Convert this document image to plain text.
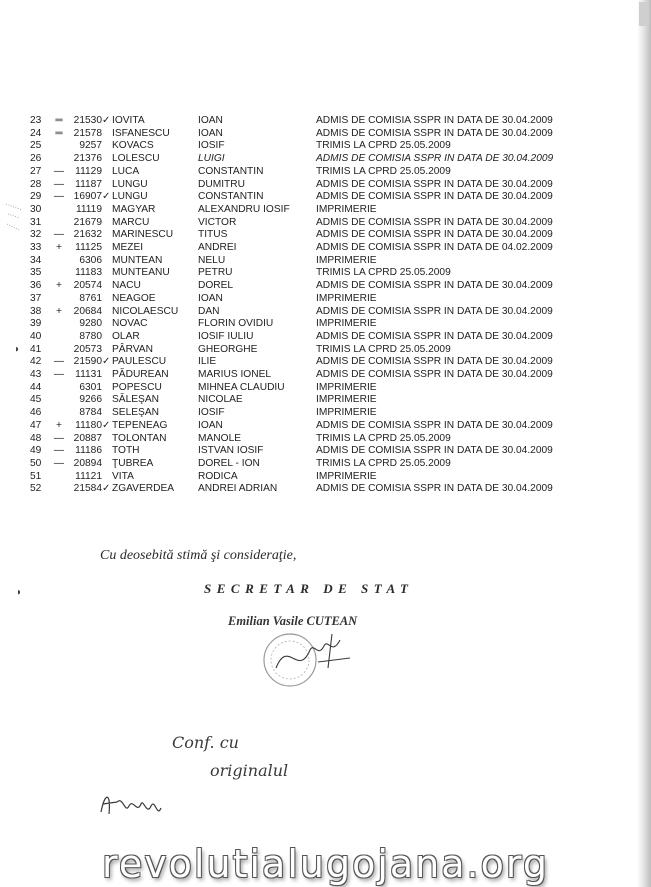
23	═	21530	✓	IOVITA	IOAN	ADMIS DE COMISIA SSPR IN DATA DE 30.04.2009
24	═	21578		ISFANESCU	IOAN	ADMIS DE COMISIA SSPR IN DATA DE 30.04.2009
25		9257		KOVACS	IOSIF	TRIMIS LA CPRD 25.05.2009
26		21376		LOLESCU	LUIGI	ADMIS DE COMISIA SSPR IN DATA DE 30.04.2009
27	—	11129		LUCA	CONSTANTIN	TRIMIS LA CPRD 25.05.2009
28	—	11187		LUNGU	DUMITRU	ADMIS DE COMISIA SSPR IN DATA DE 30.04.2009
29	—	16907	✓	LUNGU	CONSTANTIN	ADMIS DE COMISIA SSPR IN DATA DE 30.04.2009
30		11119		MAGYAR	ALEXANDRU IOSIF	IMPRIMERIE
31		21679		MARCU	VICTOR	ADMIS DE COMISIA SSPR IN DATA DE 30.04.2009
32	—	21632		MARINESCU	TITUS	ADMIS DE COMISIA SSPR IN DATA DE 30.04.2009
33	+	11125		MEZEI	ANDREI	ADMIS DE COMISIA SSPR IN DATA DE 04.02.2009
34		6306		MUNTEAN	NELU	IMPRIMERIE
35		11183		MUNTEANU	PETRU	TRIMIS LA CPRD 25.05.2009
36	+	20574		NACU	DOREL	ADMIS DE COMISIA SSPR IN DATA DE 30.04.2009
37		8761		NEAGOE	IOAN	IMPRIMERIE
38	+	20684		NICOLAESCU	DAN	ADMIS DE COMISIA SSPR IN DATA DE 30.04.2009
39		9280		NOVAC	FLORIN OVIDIU	IMPRIMERIE
40		8780		OLAR	IOSIF IULIU	ADMIS DE COMISIA SSPR IN DATA DE 30.04.2009
41		20573		PÂRVAN	GHEORGHE	TRIMIS LA CPRD 25.05.2009
42	—	21590	✓	PAULESCU	ILIE	ADMIS DE COMISIA SSPR IN DATA DE 30.04.2009
43	—	11131		PĂDUREAN	MARIUS IONEL	ADMIS DE COMISIA SSPR IN DATA DE 30.04.2009
44		6301		POPESCU	MIHNEA CLAUDIU	IMPRIMERIE
45		9266		SĂLEŞAN	NICOLAE	IMPRIMERIE
46		8784		SELEŞAN	IOSIF	IMPRIMERIE
47	+	11180	✓	TEPENEAG	IOAN	ADMIS DE COMISIA SSPR IN DATA DE 30.04.2009
48	—	20887		TOLONTAN	MANOLE	TRIMIS LA CPRD 25.05.2009
49	—	11186		TOTH	ISTVAN IOSIF	ADMIS DE COMISIA SSPR IN DATA DE 30.04.2009
50	—	20894		ŢUBREA	DOREL - ION	TRIMIS LA CPRD 25.05.2009
51		11121		VITA	RODICA	IMPRIMERIE
52		21584	✓	ZGAVERDEA	ANDREI ADRIAN	ADMIS DE COMISIA SSPR IN DATA DE 30.04.2009
◗
◗
Cu deosebită stimă şi consideraţie,
SECRETAR DE STAT
Emilian Vasile CUTEAN
Conf. cu
originalul
revolutialugojana.org
